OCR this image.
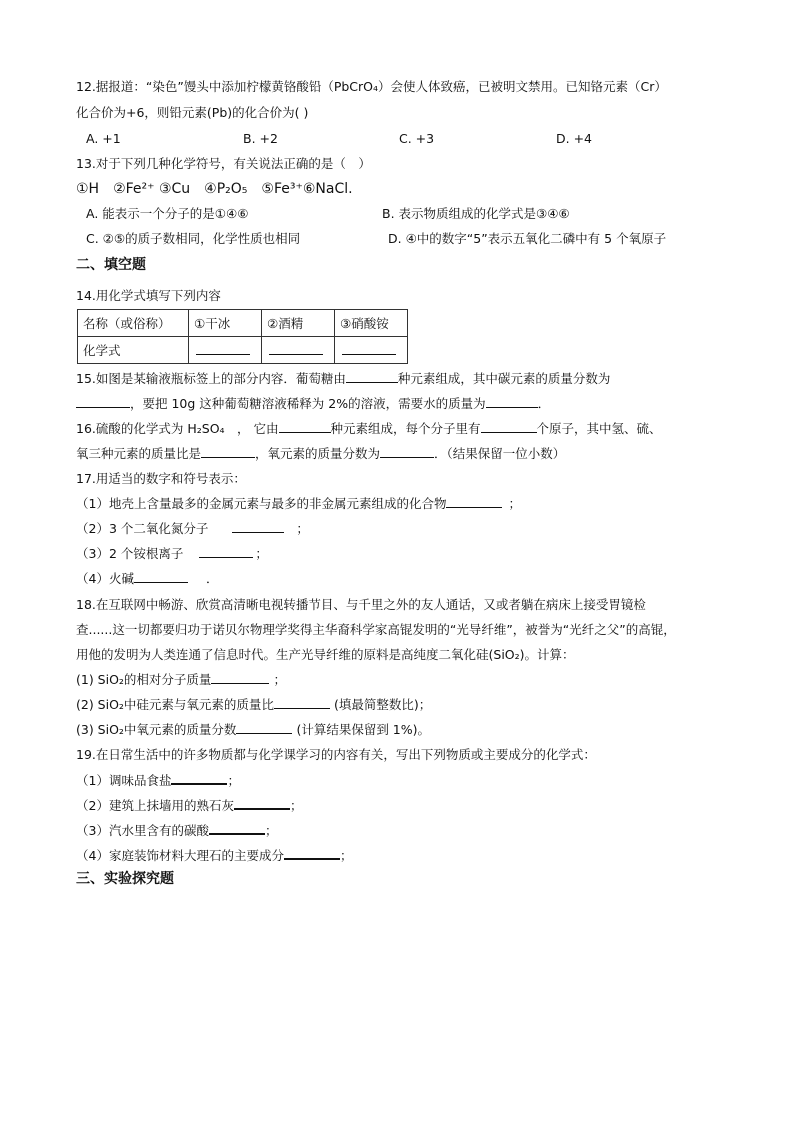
12.据报道：“染色”馒头中添加柠檬黄铬酸铅（PbCrO₄）会使人体致癌，已被明文禁用。已知铬元素（Cr）
化合价为+6，则铅元素(Pb)的化合价为( )
A. +1	B. +2	C. +3	D. +4
13.对于下列几种化学符号，有关说法正确的是（　）
①H　②Fe²⁺ ③Cu　④P₂O₅　⑤Fe³⁺⑥NaCl.
A. 能表示一个分子的是①④⑥	B. 表示物质组成的化学式是③④⑥
C. ②⑤的质子数相同，化学性质也相同	D. ④中的数字“5”表示五氧化二磷中有 5 个氧原子
二、填空题
14.用化学式填写下列内容
名称（或俗称）	①干冰	②酒精	③硝酸铵
化学式			
15.如图是某输液瓶标签上的部分内容．葡萄糖由	种元素组成，其中碳元素的质量分数为
，要把 10g 这种葡萄糖溶液稀释为 2%的溶液，需要水的质量为	．
16.硫酸的化学式为 H₂SO₄　， 它由	种元素组成，每个分子里有	个原子，其中氢、硫、
氧三种元素的质量比是	，氧元素的质量分数为	．（结果保留一位小数）
17.用适当的数字和符号表示：
（1）地壳上含量最多的金属元素与最多的非金属元素组成的化合物	；
（2）3 个二氧化氮分子	；
（3）2 个铵根离子	；
（4）火碱	．
18.在互联网中畅游、欣赏高清晰电视转播节目、与千里之外的友人通话，又或者躺在病床上接受胃镜检
查......这一切都要归功于诺贝尔物理学奖得主华裔科学家高锟发明的“光导纤维”，被誉为“光纤之父”的高锟，
用他的发明为人类连通了信息时代。生产光导纤维的原料是高纯度二氧化硅(SiO₂)。计算：
(1) SiO₂的相对分子质量	；
(2) SiO₂中硅元素与氧元素的质量比	(填最简整数比)；
(3) SiO₂中氧元素的质量分数	(计算结果保留到 1%)。
19.在日常生活中的许多物质都与化学课学习的内容有关，写出下列物质或主要成分的化学式：
（1）调味品食盐	；
（2）建筑上抹墙用的熟石灰	；
（3）汽水里含有的碳酸	；
（4）家庭装饰材料大理石的主要成分	；
三、实验探究题
